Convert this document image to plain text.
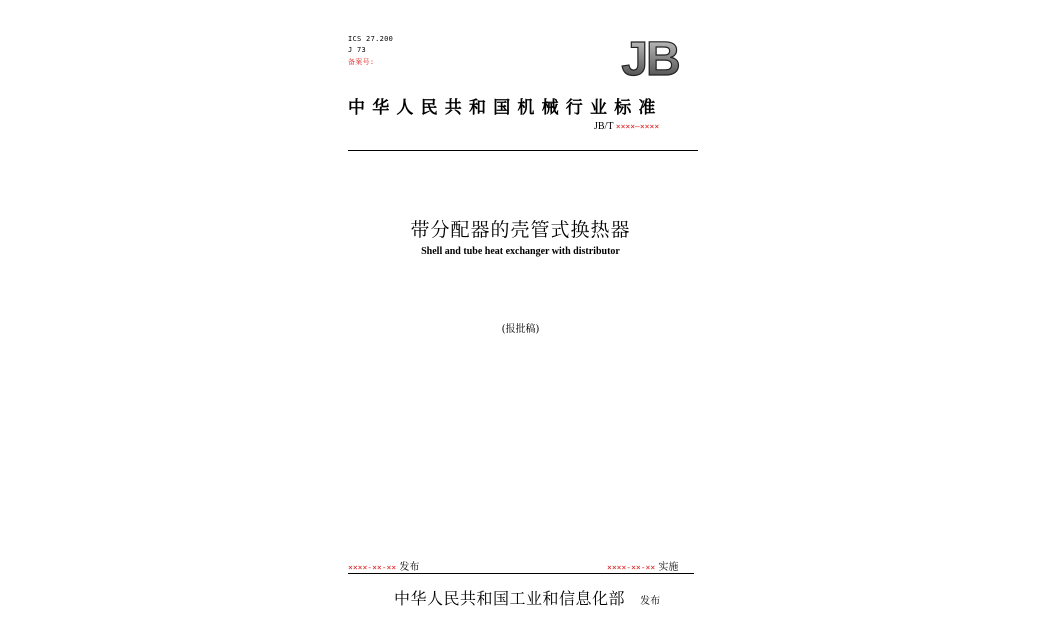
ICS 27.200
J 73
备案号:	JB
中华人民共和国机械行业标准
JB/T ××××—××××
带分配器的壳管式换热器
Shell and tube heat exchanger with distributor
(报批稿)
××××-××-×× 发布	××××-××-×× 实施
中华人民共和国工业和信息化部 发布
